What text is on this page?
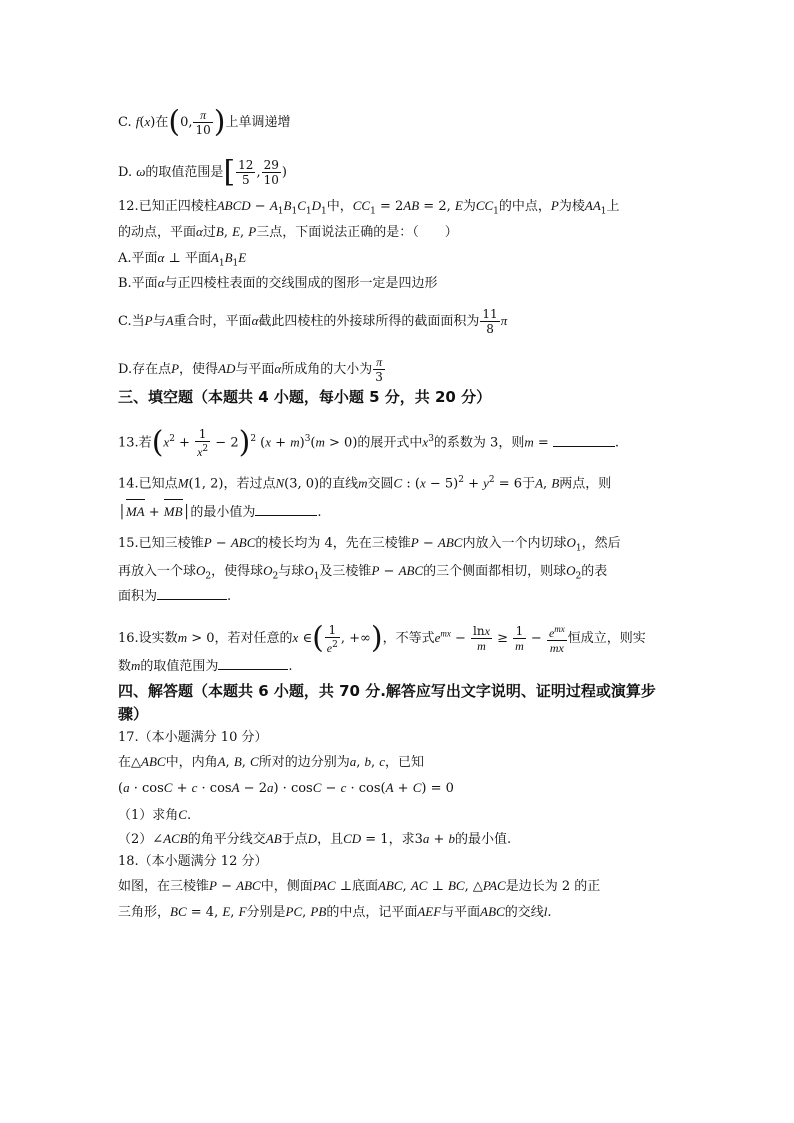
C. f(x)在(0, $\frac{\pi}{10}$ )上单调递增
D. ω的取值范围是[ $\frac{12}{5}$ , $\frac{29}{10}$ )
12.已知正四棱柱ABCD − $A_1B_1C_1D_1$中，$CC_1 = 2AB = 2$, E为$CC_1$的中点，P为棱$AA_1$上
的动点，平面α过B, E, P三点，下面说法正确的是：（　　）
A.平面α ⊥ 平面$A_1B_1E$
B.平面α与正四棱柱表面的交线围成的图形一定是四边形
C.当P与A重合时，平面α截此四棱柱的外接球所得的截面面积为 $\frac{11}{8}$ π
D.存在点P，使得AD与平面α所成角的大小为 $\frac{\pi}{3}$
三、填空题（本题共 4 小题，每小题 5 分，共 20 分）
13.若$(x^2 + \frac{1}{x^2} - 2)^2$ $(x + m)^3(m > 0)$的展开式中$x^3$的系数为 3，则m =	.
14.已知点M(1, 2)，若过点N(3, 0)的直线m交圆C : $(x - 5)^2 + y^2 = 6$于A, B两点，则
│MA + MB│的最小值为	.
15.已知三棱锥P − ABC的棱长均为 4，先在三棱锥P − ABC内放入一个内切球$O_1$，然后
再放入一个球$O_2$，使得球$O_2$与球$O_1$及三棱锥P − ABC的三个侧面都相切，则球$O_2$的表
面积为	.
16.设实数m > 0，若对任意的x ∈( $\frac{1}{e^2}$ , +∞)，不等式$e^{mx} - \frac{\ln x}{m} \ge \frac{1}{m} - \frac{e^{mx}}{mx}$ 恒成立，则实
数m的取值范围为	.
四、解答题（本题共 6 小题，共 70 分.解答应写出文字说明、证明过程或演算步
骤）
17.（本小题满分 10 分）
在△ABC中，内角A, B, C所对的边分别为a, b, c，已知
(a · cosC + c · cosA − 2a) · cosC − c · cos(A + C) = 0
（1）求角C.
（2）∠ACB的角平分线交AB于点D，且CD = 1，求3a + b的最小值.
18.（本小题满分 12 分）
如图，在三棱锥P − ABC中，侧面PAC ⊥底面ABC, AC ⊥ BC, △PAC是边长为 2 的正
三角形，BC = 4, E, F分别是PC, PB的中点，记平面AEF与平面ABC的交线l.
